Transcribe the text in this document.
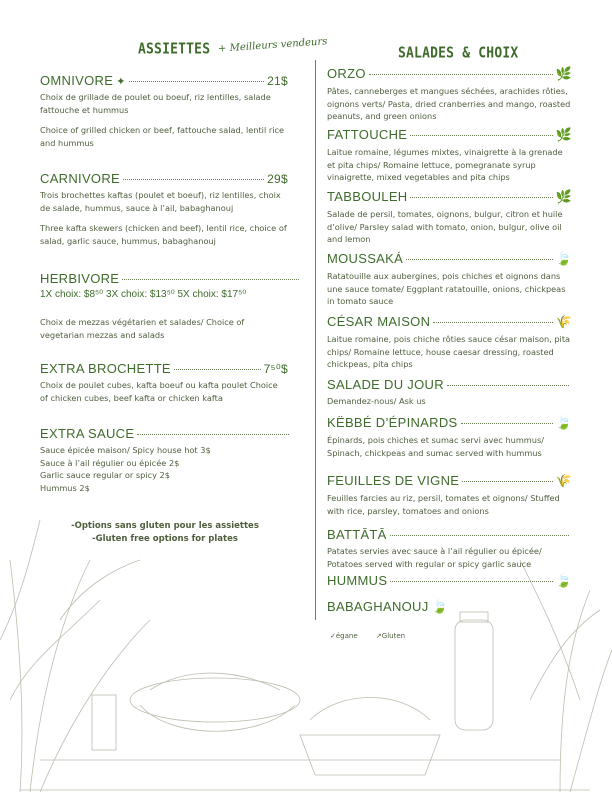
ASSIETTES + Meilleurs vendeurs
OMNIVORE ✦	21$
Choix de grillade de poulet ou boeuf, riz lentilles, salade fattouche et hummus
Choice of grilled chicken or beef, fattouche salad, lentil rice and hummus
CARNIVORE	29$
Trois brochettes kaftas (poulet et boeuf), riz lentilles, choix de salade, hummus, sauce à l’ail, babaghanouj
Three kafta skewers (chicken and beef), lentil rice, choice of salad, garlic sauce, hummus, babaghanouj
HERBIVORE
1X choix: $8⁵⁰ 3X choix: $13⁵⁰ 5X choix: $17⁵⁰
Choix de mezzas végétarien et salades/ Choice of vegetarian mezzas and salads
EXTRA BROCHETTE	7⁵⁰$
Choix de poulet cubes, kafta boeuf ou kafta poulet Choice of chicken cubes, beef kafta or chicken kafta
EXTRA SAUCE
Sauce épicée maison/ Spicy house hot 3$
Sauce à l’ail régulier ou épicée 2$
Garlic sauce regular or spicy 2$
Hummus 2$
-Options sans gluten pour les assiettes
-Gluten free options for plates
SALADES & CHOIX
ORZO	🌿
Pâtes, canneberges et mangues séchées, arachides rôties, oignons verts/ Pasta, dried cranberries and mango, roasted peanuts, and green onions
FATTOUCHE	🌿
Laitue romaine, légumes mixtes, vinaigrette à la grenade et pita chips/ Romaine lettuce, pomegranate syrup vinaigrette, mixed vegetables and pita chips
TABBOULEH	🌿
Salade de persil, tomates, oignons, bulgur, citron et huile d’olive/ Parsley salad with tomato, onion, bulgur, olive oil and lemon
MOUSSAKÁ	🍃
Ratatouille aux aubergines, pois chiches et oignons dans une sauce tomate/ Eggplant ratatouille, onions, chickpeas in tomato sauce
CÉSAR MAISON	🌾
Laitue romaine, pois chiche rôties sauce césar maison, pita chips/ Romaine lettuce, house caesar dressing, roasted chickpeas, pita chips
SALADE DU JOUR
Demandez-nous/ Ask us
KËBBÉ D’ÉPINARDS	🍃
Épinards, pois chiches et sumac servi avec hummus/ Spinach, chickpeas and sumac served with hummus
FEUILLES DE VIGNE	🌾
Feuilles farcies au riz, persil, tomates et oignons/ Stuffed with rice, parsley, tomatoes and onions
BATTĀTĀ
Patates servies avec sauce à l’ail régulier ou épicée/ Potatoes served with regular or spicy garlic sauce
HUMMUS	🍃
BABAGHANOUJ 🍃
✓égane	↗Gluten
